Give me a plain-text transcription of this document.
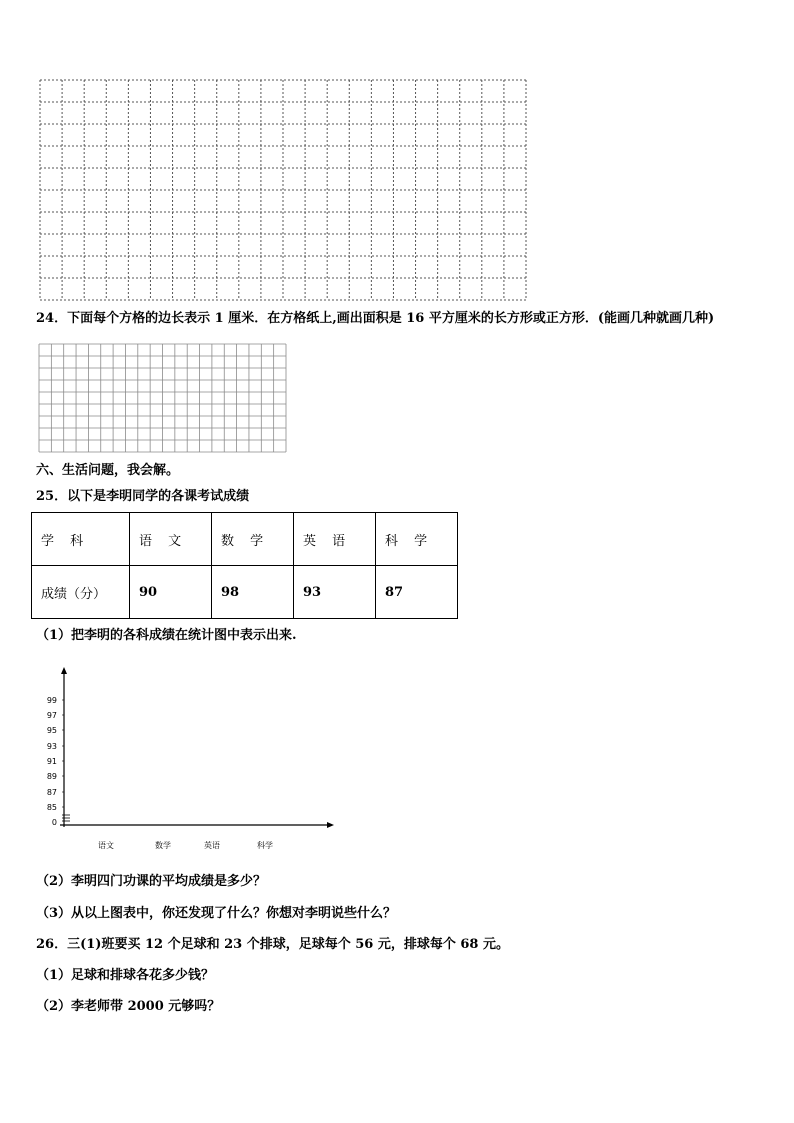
24．下面每个方格的边长表示 1 厘米．在方格纸上,画出面积是 16 平方厘米的长方形或正方形．(能画几种就画几种)
六、生活问题，我会解。
25．以下是李明同学的各课考试成绩
学 科	语 文	数 学	英 语	科 学
成绩（分）	90	98	93	87
（1）把李明的各科成绩在统计图中表示出来.
0
85
87
89
91
93
95
97
99
语文	数学	英语	科学
（2）李明四门功课的平均成绩是多少？
（3）从以上图表中，你还发现了什么？你想对李明说些什么？
26．三(1)班要买 12 个足球和 23 个排球，足球每个 56 元，排球每个 68 元。
（1）足球和排球各花多少钱？
（2）李老师带 2000 元够吗？
